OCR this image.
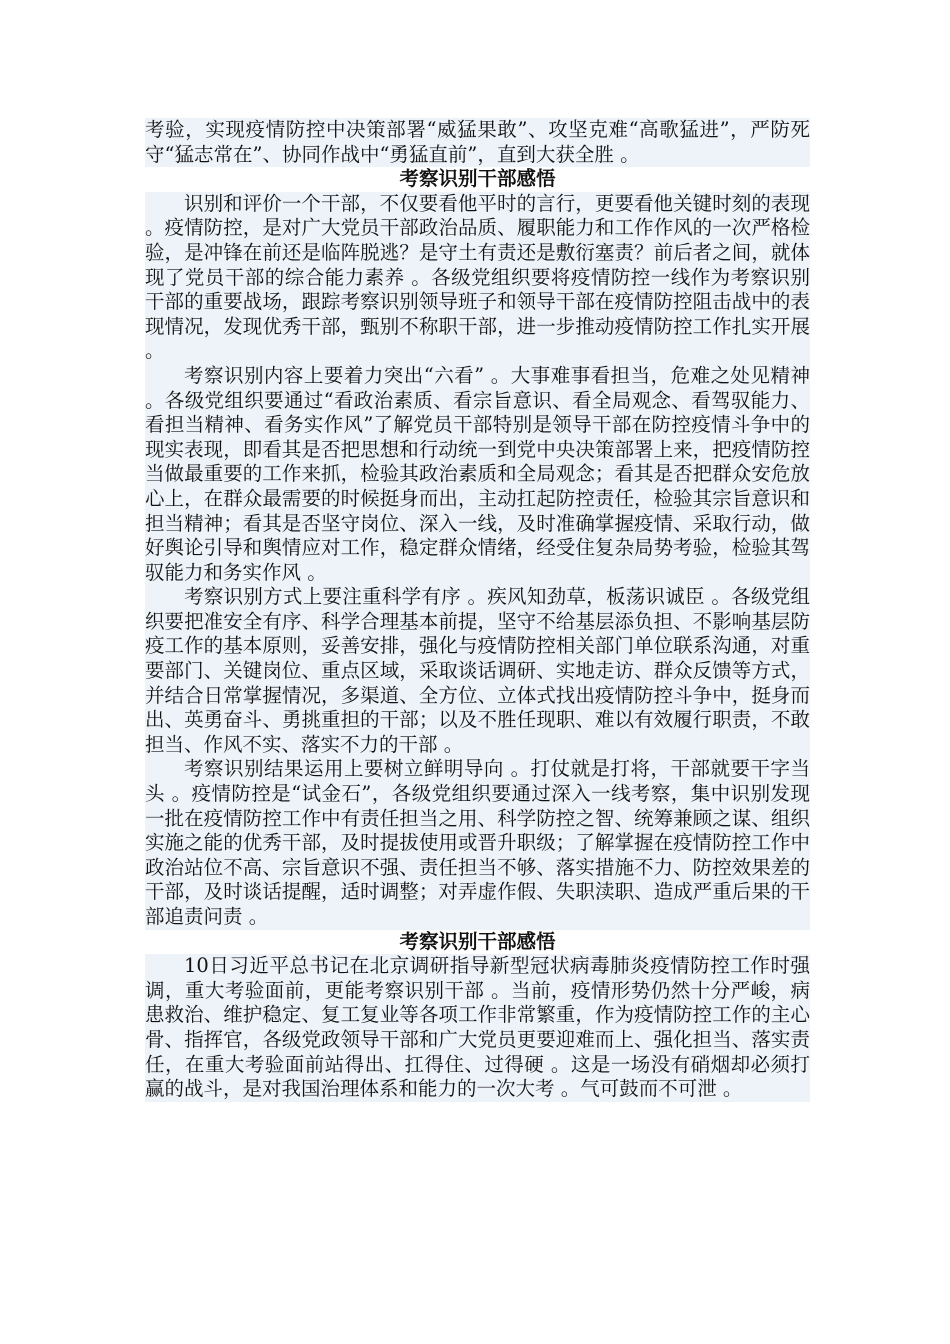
考验，实现疫情防控中决策部署“威猛果敢”、攻坚克难“高歌猛进”，严防死守“猛志常在”、协同作战中“勇猛直前”，直到大获全胜 。

考察识别干部感悟

识别和评价一个干部，不仅要看他平时的言行，更要看他关键时刻的表现 。疫情防控，是对广大党员干部政治品质、履职能力和工作作风的一次严格检验，是冲锋在前还是临阵脱逃？是守土有责还是敷衍塞责？前后者之间，就体现了党员干部的综合能力素养 。各级党组织要将疫情防控一线作为考察识别干部的重要战场，跟踪考察识别领导班子和领导干部在疫情防控阻击战中的表现情况，发现优秀干部，甄别不称职干部，进一步推动疫情防控工作扎实开展 。

考察识别内容上要着力突出“六看” 。大事难事看担当，危难之处见精神 。各级党组织要通过“看政治素质、看宗旨意识、看全局观念、看驾驭能力、看担当精神、看务实作风”了解党员干部特别是领导干部在防控疫情斗争中的现实表现，即看其是否把思想和行动统一到党中央决策部署上来，把疫情防控当做最重要的工作来抓，检验其政治素质和全局观念；看其是否把群众安危放心上，在群众最需要的时候挺身而出，主动扛起防控责任，检验其宗旨意识和担当精神；看其是否坚守岗位、深入一线，及时准确掌握疫情、采取行动，做好舆论引导和舆情应对工作，稳定群众情绪，经受住复杂局势考验，检验其驾驭能力和务实作风 。

考察识别方式上要注重科学有序 。疾风知劲草，板荡识诚臣 。各级党组织要把准安全有序、科学合理基本前提，坚守不给基层添负担、不影响基层防疫工作的基本原则，妥善安排，强化与疫情防控相关部门单位联系沟通，对重要部门、关键岗位、重点区域，采取谈话调研、实地走访、群众反馈等方式，并结合日常掌握情况，多渠道、全方位、立体式找出疫情防控斗争中，挺身而出、英勇奋斗、勇挑重担的干部；以及不胜任现职、难以有效履行职责，不敢担当、作风不实、落实不力的干部 。

考察识别结果运用上要树立鲜明导向 。打仗就是打将，干部就要干字当头 。疫情防控是“试金石”，各级党组织要通过深入一线考察，集中识别发现一批在疫情防控工作中有责任担当之用、科学防控之智、统筹兼顾之谋、组织实施之能的优秀干部，及时提拔使用或晋升职级；了解掌握在疫情防控工作中政治站位不高、宗旨意识不强、责任担当不够、落实措施不力、防控效果差的干部，及时谈话提醒，适时调整；对弄虚作假、失职渎职、造成严重后果的干部追责问责 。

考察识别干部感悟

10日习近平总书记在北京调研指导新型冠状病毒肺炎疫情防控工作时强调，重大考验面前，更能考察识别干部 。当前，疫情形势仍然十分严峻，病患救治、维护稳定、复工复业等各项工作非常繁重，作为疫情防控工作的主心骨、指挥官，各级党政领导干部和广大党员更要迎难而上、强化担当、落实责任，在重大考验面前站得出、扛得住、过得硬 。这是一场没有硝烟却必须打赢的战斗，是对我国治理体系和能力的一次大考 。气可鼓而不可泄 。
